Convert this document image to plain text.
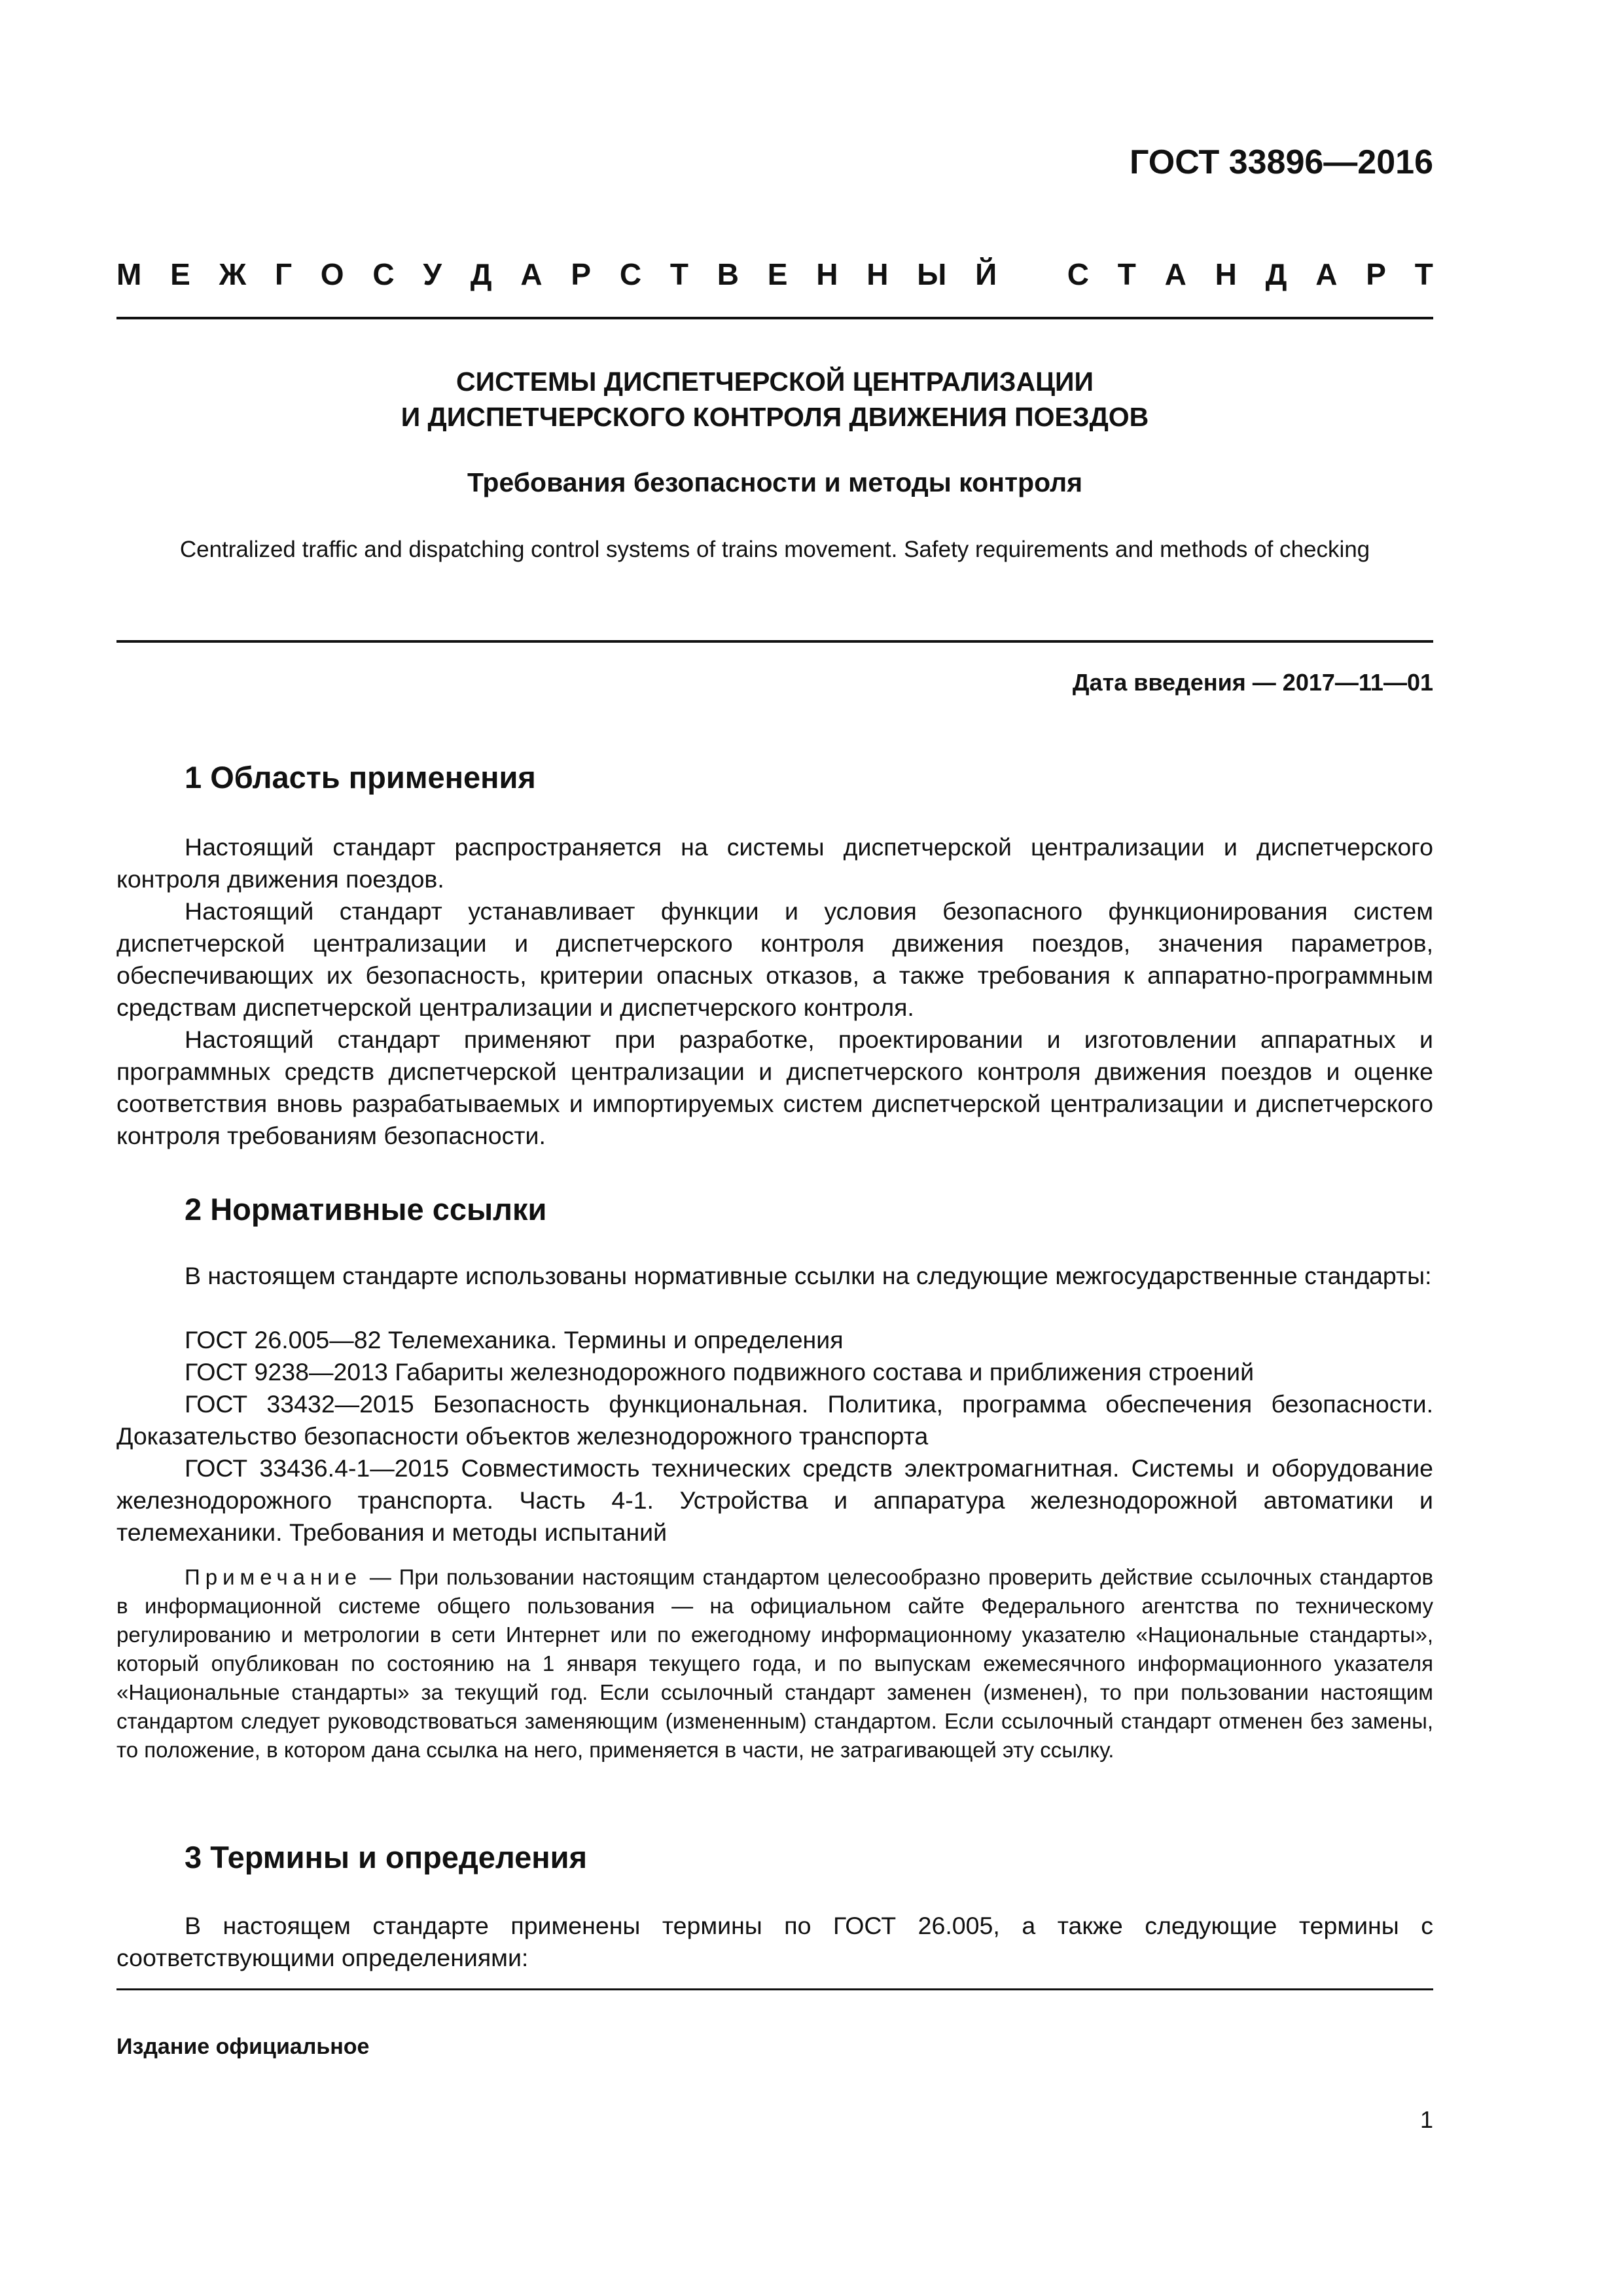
ГОСТ 33896—2016
М Е Ж Г О С У Д А Р С Т В Е Н Н Ы Й С Т А Н Д А Р Т
СИСТЕМЫ ДИСПЕТЧЕРСКОЙ ЦЕНТРАЛИЗАЦИИ
И ДИСПЕТЧЕРСКОГО КОНТРОЛЯ ДВИЖЕНИЯ ПОЕЗДОВ
Требования безопасности и методы контроля
Centralized traffic and dispatching control systems of trains movement. Safety requirements and methods of checking
Дата введения — 2017—11—01
1 Область применения

Настоящий стандарт распространяется на системы диспетчерской централизации и диспетчерского контроля движения поездов.

Настоящий стандарт устанавливает функции и условия безопасного функционирования систем диспетчерской централизации и диспетчерского контроля движения поездов, значения параметров, обеспечивающих их безопасность, критерии опасных отказов, а также требования к аппаратно-программным средствам диспетчерской централизации и диспетчерского контроля.

Настоящий стандарт применяют при разработке, проектировании и изготовлении аппаратных и программных средств диспетчерской централизации и диспетчерского контроля движения поездов и оценке соответствия вновь разрабатываемых и импортируемых систем диспетчерской централизации и диспетчерского контроля требованиям безопасности.

2 Нормативные ссылки

В настоящем стандарте использованы нормативные ссылки на следующие межгосударственные стандарты:

ГОСТ 26.005—82 Телемеханика. Термины и определения

ГОСТ 9238—2013 Габариты железнодорожного подвижного состава и приближения строений

ГОСТ 33432—2015 Безопасность функциональная. Политика, программа обеспечения безопасности. Доказательство безопасности объектов железнодорожного транспорта

ГОСТ 33436.4-1—2015 Совместимость технических средств электромагнитная. Системы и оборудование железнодорожного транспорта. Часть 4-1. Устройства и аппаратура железнодорожной автоматики и телемеханики. Требования и методы испытаний

Примечание — При пользовании настоящим стандартом целесообразно проверить действие ссылочных стандартов в информационной системе общего пользования — на официальном сайте Федерального агентства по техническому регулированию и метрологии в сети Интернет или по ежегодному информационному указателю «Национальные стандарты», который опубликован по состоянию на 1 января текущего года, и по выпускам ежемесячного информационного указателя «Национальные стандарты» за текущий год. Если ссылочный стандарт заменен (изменен), то при пользовании настоящим стандартом следует руководствоваться заменяющим (измененным) стандартом. Если ссылочный стандарт отменен без замены, то положение, в котором дана ссылка на него, применяется в части, не затрагивающей эту ссылку.

3 Термины и определения

В настоящем стандарте применены термины по ГОСТ 26.005, а также следующие термины с соответствующими определениями:

Издание официальное
1
